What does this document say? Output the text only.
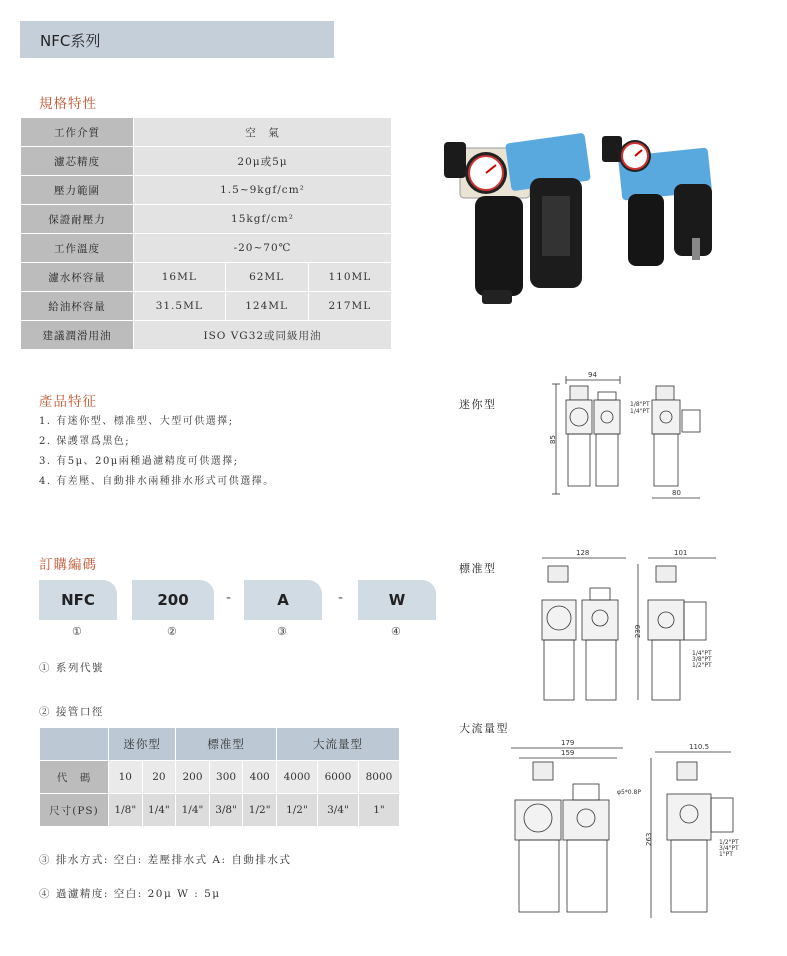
NFC系列
規格特性
工作介質	空　氣		
濾芯精度	20μ或5μ		
壓力範圍	1.5~9kgf/cm²		
保證耐壓力	15kgf/cm²		
工作溫度	-20~70℃		
濾水杯容量	16ML	62ML	110ML
給油杯容量	31.5ML	124ML	217ML
建議潤滑用油	ISO VG32或同級用油		
產品特征
1. 有迷你型、標准型、大型可供選擇;
2. 保護罩爲黑色;
3. 有5μ、20μ兩種過濾精度可供選擇;
4. 有差壓、自動排水兩種排水形式可供選擇。
訂購編碼
NFC	200	-	A	-	W
①	②	③	④
① 系列代號
② 接管口徑
	迷你型		標准型			大流量型		
代　碼	10	20	200	300	400	4000	6000	8000
尺寸(PS)	1/8"	1/4"	1/4"	3/8"	1/2"	1/2"	3/4"	1"
③ 排水方式: 空白: 差壓排水式 A: 自動排水式
④ 過濾精度: 空白: 20μ W : 5μ
迷你型
標准型
大流量型
94
85
80
1/8"PT
1/4"PT
128	101
239
1/4"PT
3/8"PT
1/2"PT
179
159
110.5
263
φ5*0.8P
1/2"PT
3/4"PT
1"PT
